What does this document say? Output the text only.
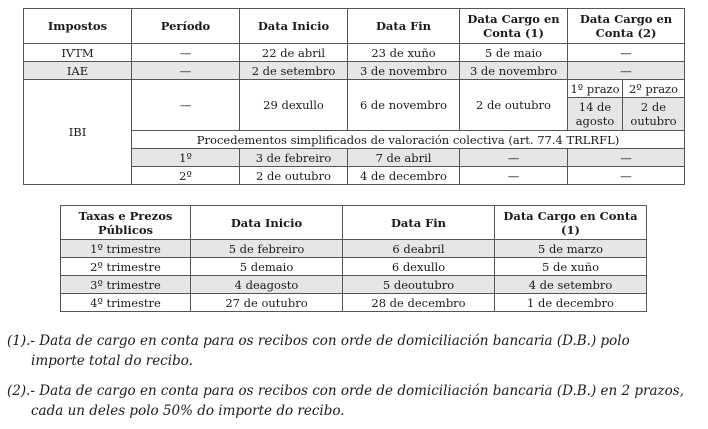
Impostos	Período	Data Inicio	Data Fin	Data Cargo en Conta (1)	Data Cargo en Conta (2)	
IVTM	—	22 de abril	23 de xuño	5 de maio	—	
IAE	—	2 de setembro	3 de novembro	3 de novembro	—	
IBI	—	29 dexullo	6 de novembro	2 de outubro	1º prazo	2º prazo
					14 de agosto	2 de outubro
	Procedementos simplificados de valoración colectiva (art. 77.4 TRLRFL)					
	1º	3 de febreiro	7 de abril	—	—	
	2º	2 de outubro	4 de decembro	—	—	
Taxas e Prezos Públicos	Data Inicio	Data Fin	Data Cargo en Conta (1)
1º trimestre	5 de febreiro	6 deabril	5 de marzo
2º trimestre	5 demaio	6 dexullo	5 de xuño
3º trimestre	4 deagosto	5 deoutubro	4 de setembro
4º trimestre	27 de outubro	28 de decembro	1 de decembro
(1).- Data de cargo en conta para os recibos con orde de domiciliación bancaria (D.B.) polo
importe total do recibo.
(2).- Data de cargo en conta para os recibos con orde de domiciliación bancaria (D.B.) en 2 prazos,
cada un deles polo 50% do importe do recibo.
